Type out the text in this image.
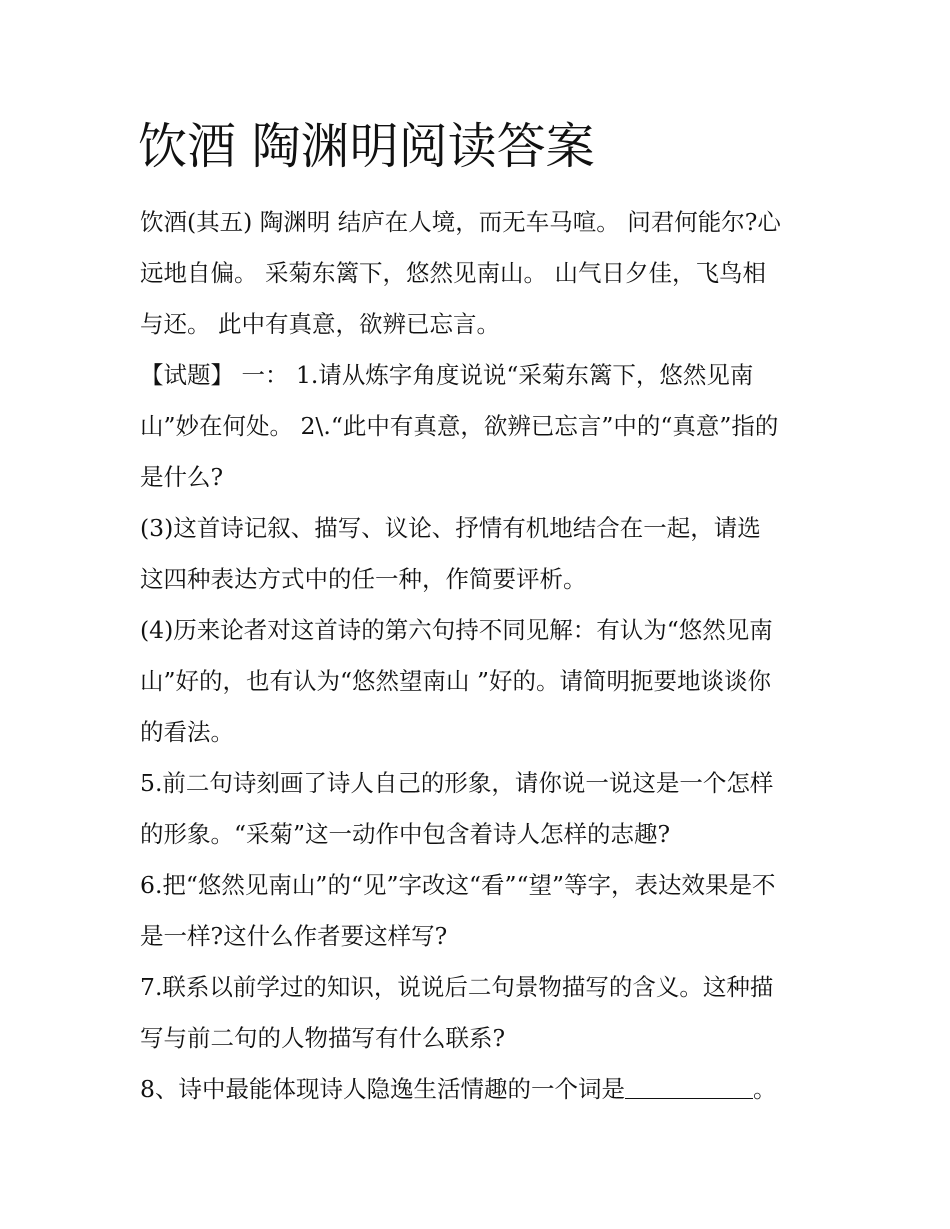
饮酒 陶渊明阅读答案

饮酒(其五) 陶渊明 结庐在人境，而无车马喧。 问君何能尔?心

远地自偏。 采菊东篱下，悠然见南山。 山气日夕佳，飞鸟相

与还。 此中有真意，欲辨已忘言。

【试题】 一： 1.请从炼字角度说说“采菊东篱下，悠然见南

山”妙在何处。 2\.“此中有真意，欲辨已忘言”中的“真意”指的

是什么?

(3)这首诗记叙、描写、议论、抒情有机地结合在一起，请选

这四种表达方式中的任一种，作简要评析。

(4)历来论者对这首诗的第六句持不同见解：有认为“悠然见南

山”好的，也有认为“悠然望南山 ”好的。请简明扼要地谈谈你

的看法。

5.前二句诗刻画了诗人自己的形象，请你说一说这是一个怎样

的形象。“采菊”这一动作中包含着诗人怎样的志趣?

6.把“悠然见南山”的“见”字改这“看”“望”等字，表达效果是不

是一样?这什么作者要这样写?

7.联系以前学过的知识，说说后二句景物描写的含义。这种描

写与前二句的人物描写有什么联系?

8、诗中最能体现诗人隐逸生活情趣的一个词是	。
